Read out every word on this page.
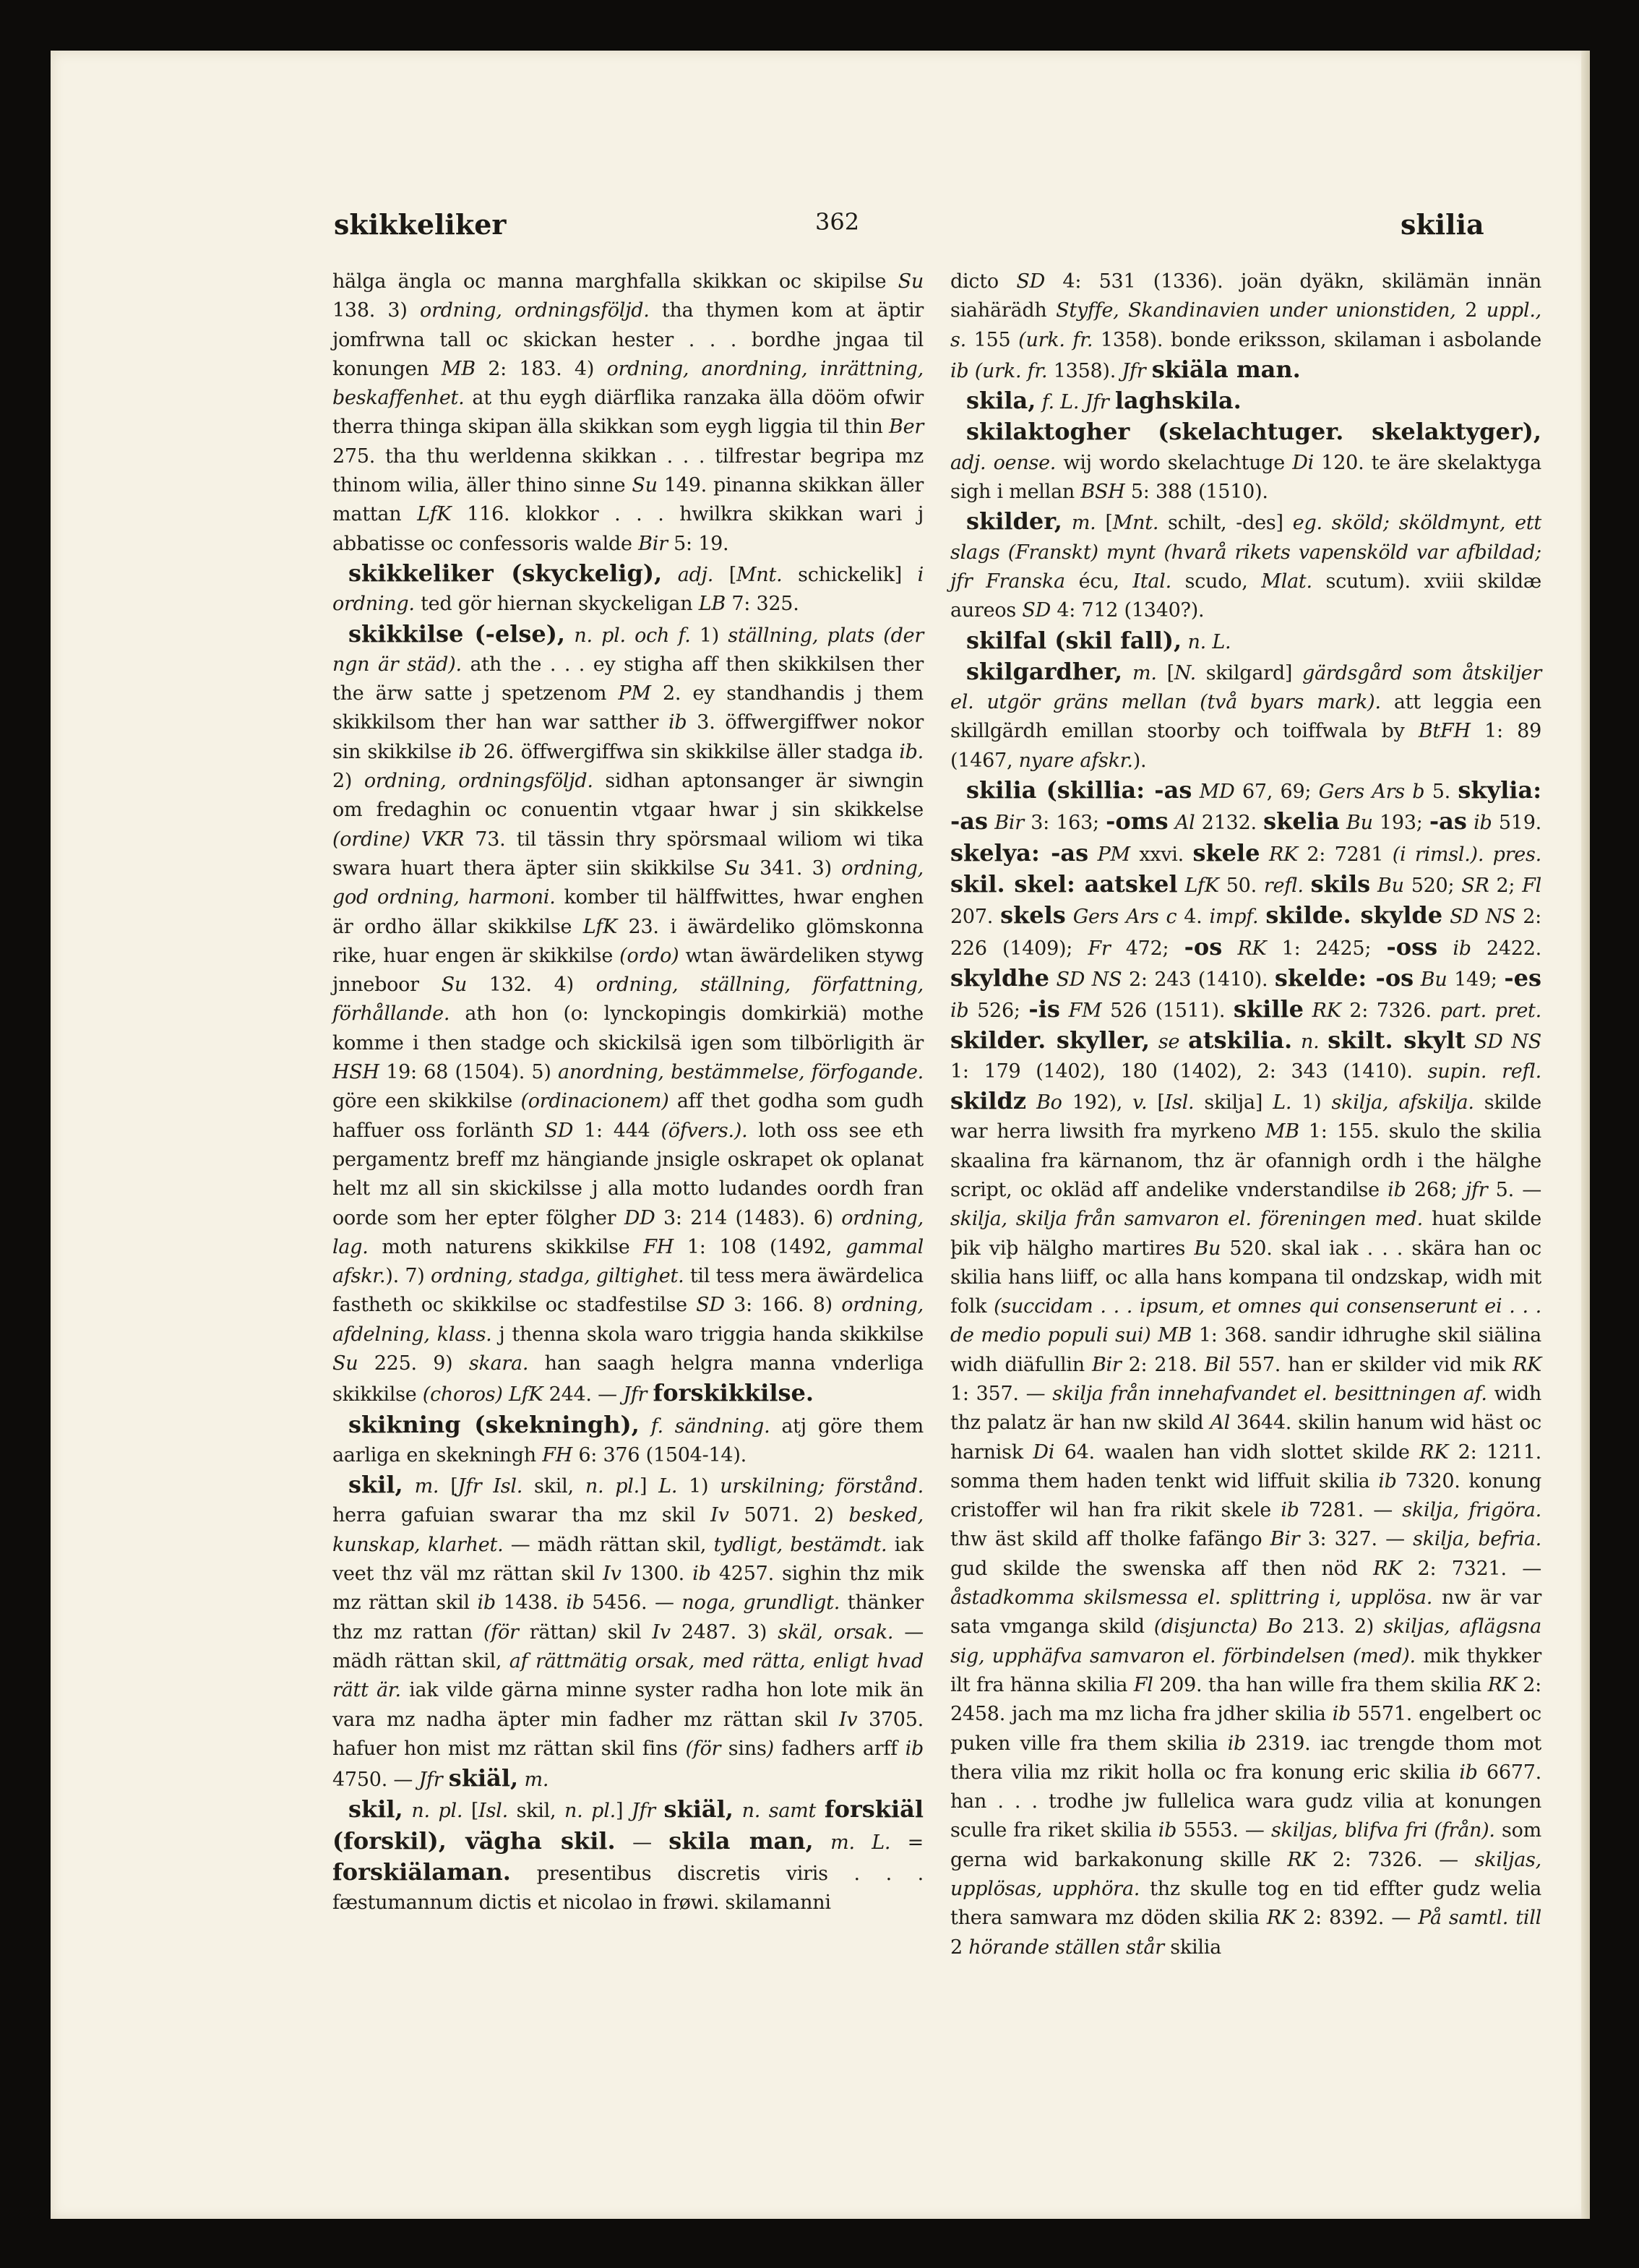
skikkeliker	362	skilia

hälga ängla oc manna marghfalla skikkan oc skipilse Su 138. 3) ordning, ordningsföljd. tha thymen kom at äptir jomfrwna tall oc skickan hester . . . bordhe jngaa til konungen MB 2: 183. 4) ordning, anordning, inrättning, beskaffenhet. at thu eygh diärflika ranzaka älla dööm ofwir therra thinga skipan älla skikkan som eygh liggia til thin Ber 275. tha thu werldenna skikkan . . . tilfrestar begripa mz thinom wilia, äller thino sinne Su 149. pinanna skikkan äller mattan LfK 116. klokkor . . . hwilkra skikkan wari j abbatisse oc confessoris walde Bir 5: 19.

skikkeliker (skyckelig), adj. [Mnt. schickelik] i ordning. ted gör hiernan skyckeligan LB 7: 325.

skikkilse (-else), n. pl. och f. 1) ställning, plats (der ngn är städ). ath the . . . ey stigha aff then skikkilsen ther the ärw satte j spetzenom PM 2. ey standhandis j them skikkilsom ther han war satther ib 3. öffwergiffwer nokor sin skikkilse ib 26. öffwergiffwa sin skikkilse äller stadga ib. 2) ordning, ordningsföljd. sidhan aptonsanger är siwngin om fredaghin oc conuentin vtgaar hwar j sin skikkelse (ordine) VKR 73. til tässin thry spörsmaal wiliom wi tika swara huart thera äpter siin skikkilse Su 341. 3) ordning, god ordning, harmoni. komber til hälffwittes, hwar enghen är ordho ällar skikkilse LfK 23. i äwärdeliko glömskonna rike, huar engen är skikkilse (ordo) wtan äwärdeliken stywg jnneboor Su 132. 4) ordning, ställning, författning, förhållande. ath hon (o: lynckopingis domkirkiä) mothe komme i then stadge och skickilsä igen som tilbörligith är HSH 19: 68 (1504). 5) anordning, bestämmelse, förfogande. göre een skikkilse (ordinacionem) aff thet godha som gudh haffuer oss forlänth SD 1: 444 (öfvers.). loth oss see eth pergamentz breff mz hängiande jnsigle oskrapet ok oplanat helt mz all sin skickilsse j alla motto ludandes oordh fran oorde som her epter fölgher DD 3: 214 (1483). 6) ordning, lag. moth naturens skikkilse FH 1: 108 (1492, gammal afskr.). 7) ordning, stadga, giltighet. til tess mera äwärdelica fastheth oc skikkilse oc stadfestilse SD 3: 166. 8) ordning, afdelning, klass. j thenna skola waro triggia handa skikkilse Su 225. 9) skara. han saagh helgra manna vnderliga skikkilse (choros) LfK 244. — Jfr forskikkilse.

skikning (skekningh), f. sändning. atj göre them aarliga en skekningh FH 6: 376 (1504-14).

skil, m. [Jfr Isl. skil, n. pl.] L. 1) urskilning; förstånd. herra gafuian swarar tha mz skil Iv 5071. 2) besked, kunskap, klarhet. — mädh rättan skil, tydligt, bestämdt. iak veet thz väl mz rättan skil Iv 1300. ib 4257. sighin thz mik mz rättan skil ib 1438. ib 5456. — noga, grundligt. thänker thz mz rattan (för rättan) skil Iv 2487. 3) skäl, orsak. — mädh rättan skil, af rättmätig orsak, med rätta, enligt hvad rätt är. iak vilde gärna minne syster radha hon lote mik än vara mz nadha äpter min fadher mz rättan skil Iv 3705. hafuer hon mist mz rättan skil fins (för sins) fadhers arff ib 4750. — Jfr skiäl, m.

skil, n. pl. [Isl. skil, n. pl.] Jfr skiäl, n. samt forskiäl (forskil), vägha skil. — skila man, m. L. = forskiälaman. presentibus discretis viris . . . fæstumannum dictis et nicolao in frøwi. skilamanni

dicto SD 4: 531 (1336). joän dyäkn, skilämän innän siahärädh Styffe, Skandinavien under unionstiden, 2 uppl., s. 155 (urk. fr. 1358). bonde eriksson, skilaman i asbolande ib (urk. fr. 1358). Jfr skiäla man.

skila, f. L. Jfr laghskila.

skilaktogher (skelachtuger. skelaktyger), adj. oense. wij wordo skelachtuge Di 120. te äre skelaktyga sigh i mellan BSH 5: 388 (1510).

skilder, m. [Mnt. schilt, -des] eg. sköld; sköldmynt, ett slags (Franskt) mynt (hvarå rikets vapensköld var afbildad; jfr Franska écu, Ital. scudo, Mlat. scutum). xviii skildæ aureos SD 4: 712 (1340?).

skilfal (skil fall), n. L.

skilgardher, m. [N. skilgard] gärdsgård som åtskiljer el. utgör gräns mellan (två byars mark). att leggia een skillgärdh emillan stoorby och toiffwala by BtFH 1: 89 (1467, nyare afskr.).

skilia (skillia: -as MD 67, 69; Gers Ars b 5. skylia: -as Bir 3: 163; -oms Al 2132. skelia Bu 193; -as ib 519. skelya: -as PM xxvi. skele RK 2: 7281 (i rimsl.). pres. skil. skel: aatskel LfK 50. refl. skils Bu 520; SR 2; Fl 207. skels Gers Ars c 4. impf. skilde. skylde SD NS 2: 226 (1409); Fr 472; -os RK 1: 2425; -oss ib 2422. skyldhe SD NS 2: 243 (1410). skelde: -os Bu 149; -es ib 526; -is FM 526 (1511). skille RK 2: 7326. part. pret. skilder. skyller, se atskilia. n. skilt. skylt SD NS 1: 179 (1402), 180 (1402), 2: 343 (1410). supin. refl. skildz Bo 192), v. [Isl. skilja] L. 1) skilja, afskilja. skilde war herra liwsith fra myrkeno MB 1: 155. skulo the skilia skaalina fra kärnanom, thz är ofannigh ordh i the hälghe script, oc okläd aff andelike vnderstandilse ib 268; jfr 5. — skilja, skilja från samvaron el. föreningen med. huat skilde þik viþ hälgho martires Bu 520. skal iak . . . skära han oc skilia hans liiff, oc alla hans kompana til ondzskap, widh mit folk (succidam . . . ipsum, et omnes qui consenserunt ei . . . de medio populi sui) MB 1: 368. sandir idhrughe skil siälina widh diäfullin Bir 2: 218. Bil 557. han er skilder vid mik RK 1: 357. — skilja från innehafvandet el. besittningen af. widh thz palatz är han nw skild Al 3644. skilin hanum wid häst oc harnisk Di 64. waalen han vidh slottet skilde RK 2: 1211. somma them haden tenkt wid liffuit skilia ib 7320. konung cristoffer wil han fra rikit skele ib 7281. — skilja, frigöra. thw äst skild aff tholke fafängo Bir 3: 327. — skilja, befria. gud skilde the swenska aff then nöd RK 2: 7321. — åstadkomma skilsmessa el. splittring i, upplösa. nw är var sata vmganga skild (disjuncta) Bo 213. 2) skiljas, aflägsna sig, upphäfva samvaron el. förbindelsen (med). mik thykker ilt fra hänna skilia Fl 209. tha han wille fra them skilia RK 2: 2458. jach ma mz licha fra jdher skilia ib 5571. engelbert oc puken ville fra them skilia ib 2319. iac trengde thom mot thera vilia mz rikit holla oc fra konung eric skilia ib 6677. han . . . trodhe jw fullelica wara gudz vilia at konungen sculle fra riket skilia ib 5553. — skiljas, blifva fri (från). som gerna wid barkakonung skille RK 2: 7326. — skiljas, upplösas, upphöra. thz skulle tog en tid effter gudz welia thera samwara mz döden skilia RK 2: 8392. — På samtl. till 2 hörande ställen står skilia
